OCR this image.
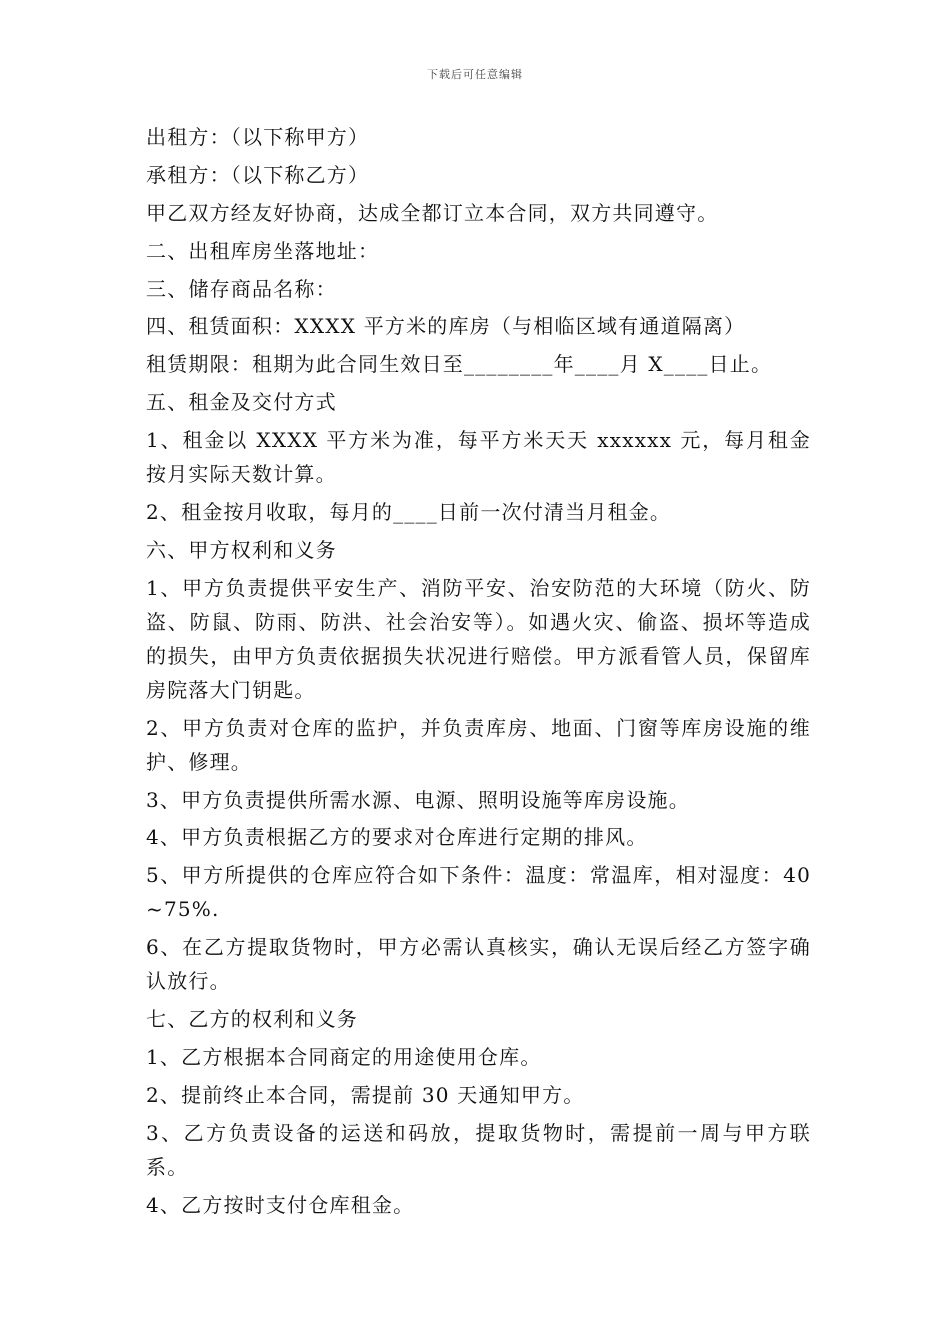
下载后可任意编辑

出租方：（以下称甲方）

承租方：（以下称乙方）

甲乙双方经友好协商，达成全都订立本合同，双方共同遵守。

二、出租库房坐落地址：

三、储存商品名称：

四、租赁面积：XXXX 平方米的库房（与相临区域有通道隔离）

租赁期限：租期为此合同生效日至________年____月 X____日止。

五、租金及交付方式

1、租金以 XXXX 平方米为准，每平方米天天 xxxxxx 元，每月租金按月实际天数计算。

2、租金按月收取，每月的____日前一次付清当月租金。

六、甲方权利和义务

1、甲方负责提供平安生产、消防平安、治安防范的大环境（防火、防盗、防鼠、防雨、防洪、社会治安等）。如遇火灾、偷盗、损坏等造成的损失，由甲方负责依据损失状况进行赔偿。甲方派看管人员，保留库房院落大门钥匙。

2、甲方负责对仓库的监护，并负责库房、地面、门窗等库房设施的维护、修理。

3、甲方负责提供所需水源、电源、照明设施等库房设施。

4、甲方负责根据乙方的要求对仓库进行定期的排风。

5、甲方所提供的仓库应符合如下条件：温度：常温库，相对湿度：40~75%.

6、在乙方提取货物时，甲方必需认真核实，确认无误后经乙方签字确认放行。

七、乙方的权利和义务

1、乙方根据本合同商定的用途使用仓库。

2、提前终止本合同，需提前 30 天通知甲方。

3、乙方负责设备的运送和码放，提取货物时，需提前一周与甲方联系。

4、乙方按时支付仓库租金。
